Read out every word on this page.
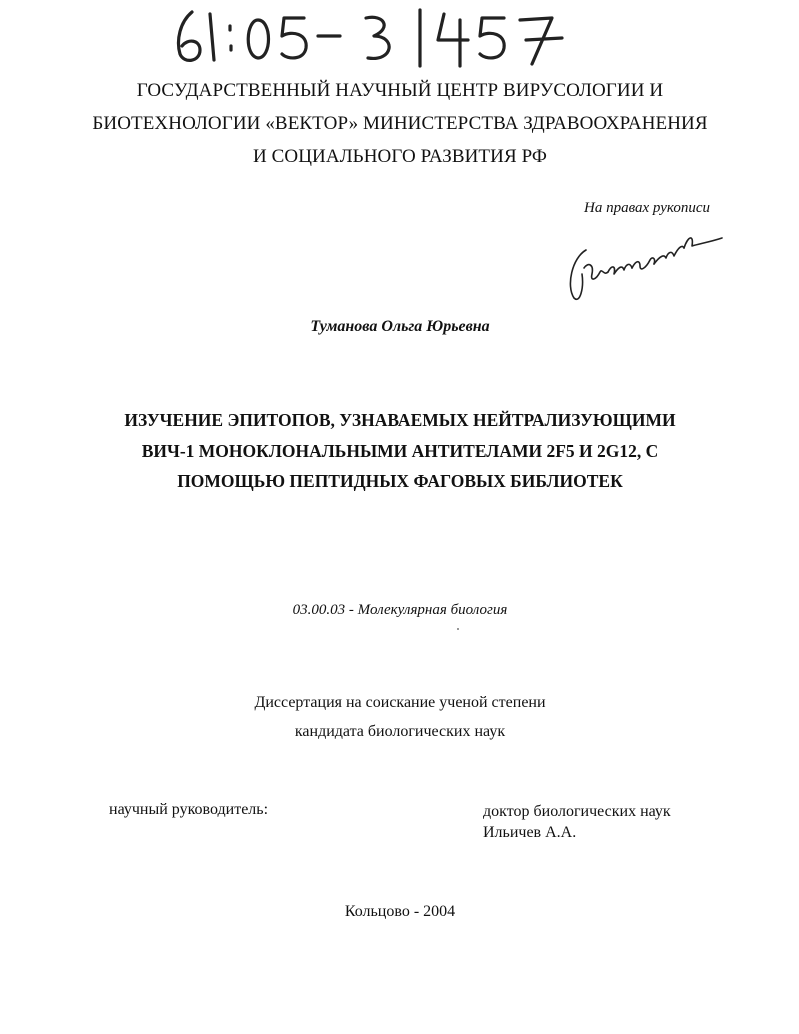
ГОСУДАРСТВЕННЫЙ НАУЧНЫЙ ЦЕНТР ВИРУСОЛОГИИ И
БИОТЕХНОЛОГИИ «ВЕКТОР» МИНИСТЕРСТВА ЗДРАВООХРАНЕНИЯ
И СОЦИАЛЬНОГО РАЗВИТИЯ РФ
На правах рукописи
Туманова Ольга Юрьевна
ИЗУЧЕНИЕ ЭПИТОПОВ, УЗНАВАЕМЫХ НЕЙТРАЛИЗУЮЩИМИ
ВИЧ-1 МОНОКЛОНАЛЬНЫМИ АНТИТЕЛАМИ 2F5 И 2G12, С
ПОМОЩЬЮ ПЕПТИДНЫХ ФАГОВЫХ БИБЛИОТЕК
03.00.03 - Молекулярная биология
Диссертация на соискание ученой степени
кандидата биологических наук
научный руководитель:	доктор биологических наук
Ильичев А.А.
Кольцово - 2004
